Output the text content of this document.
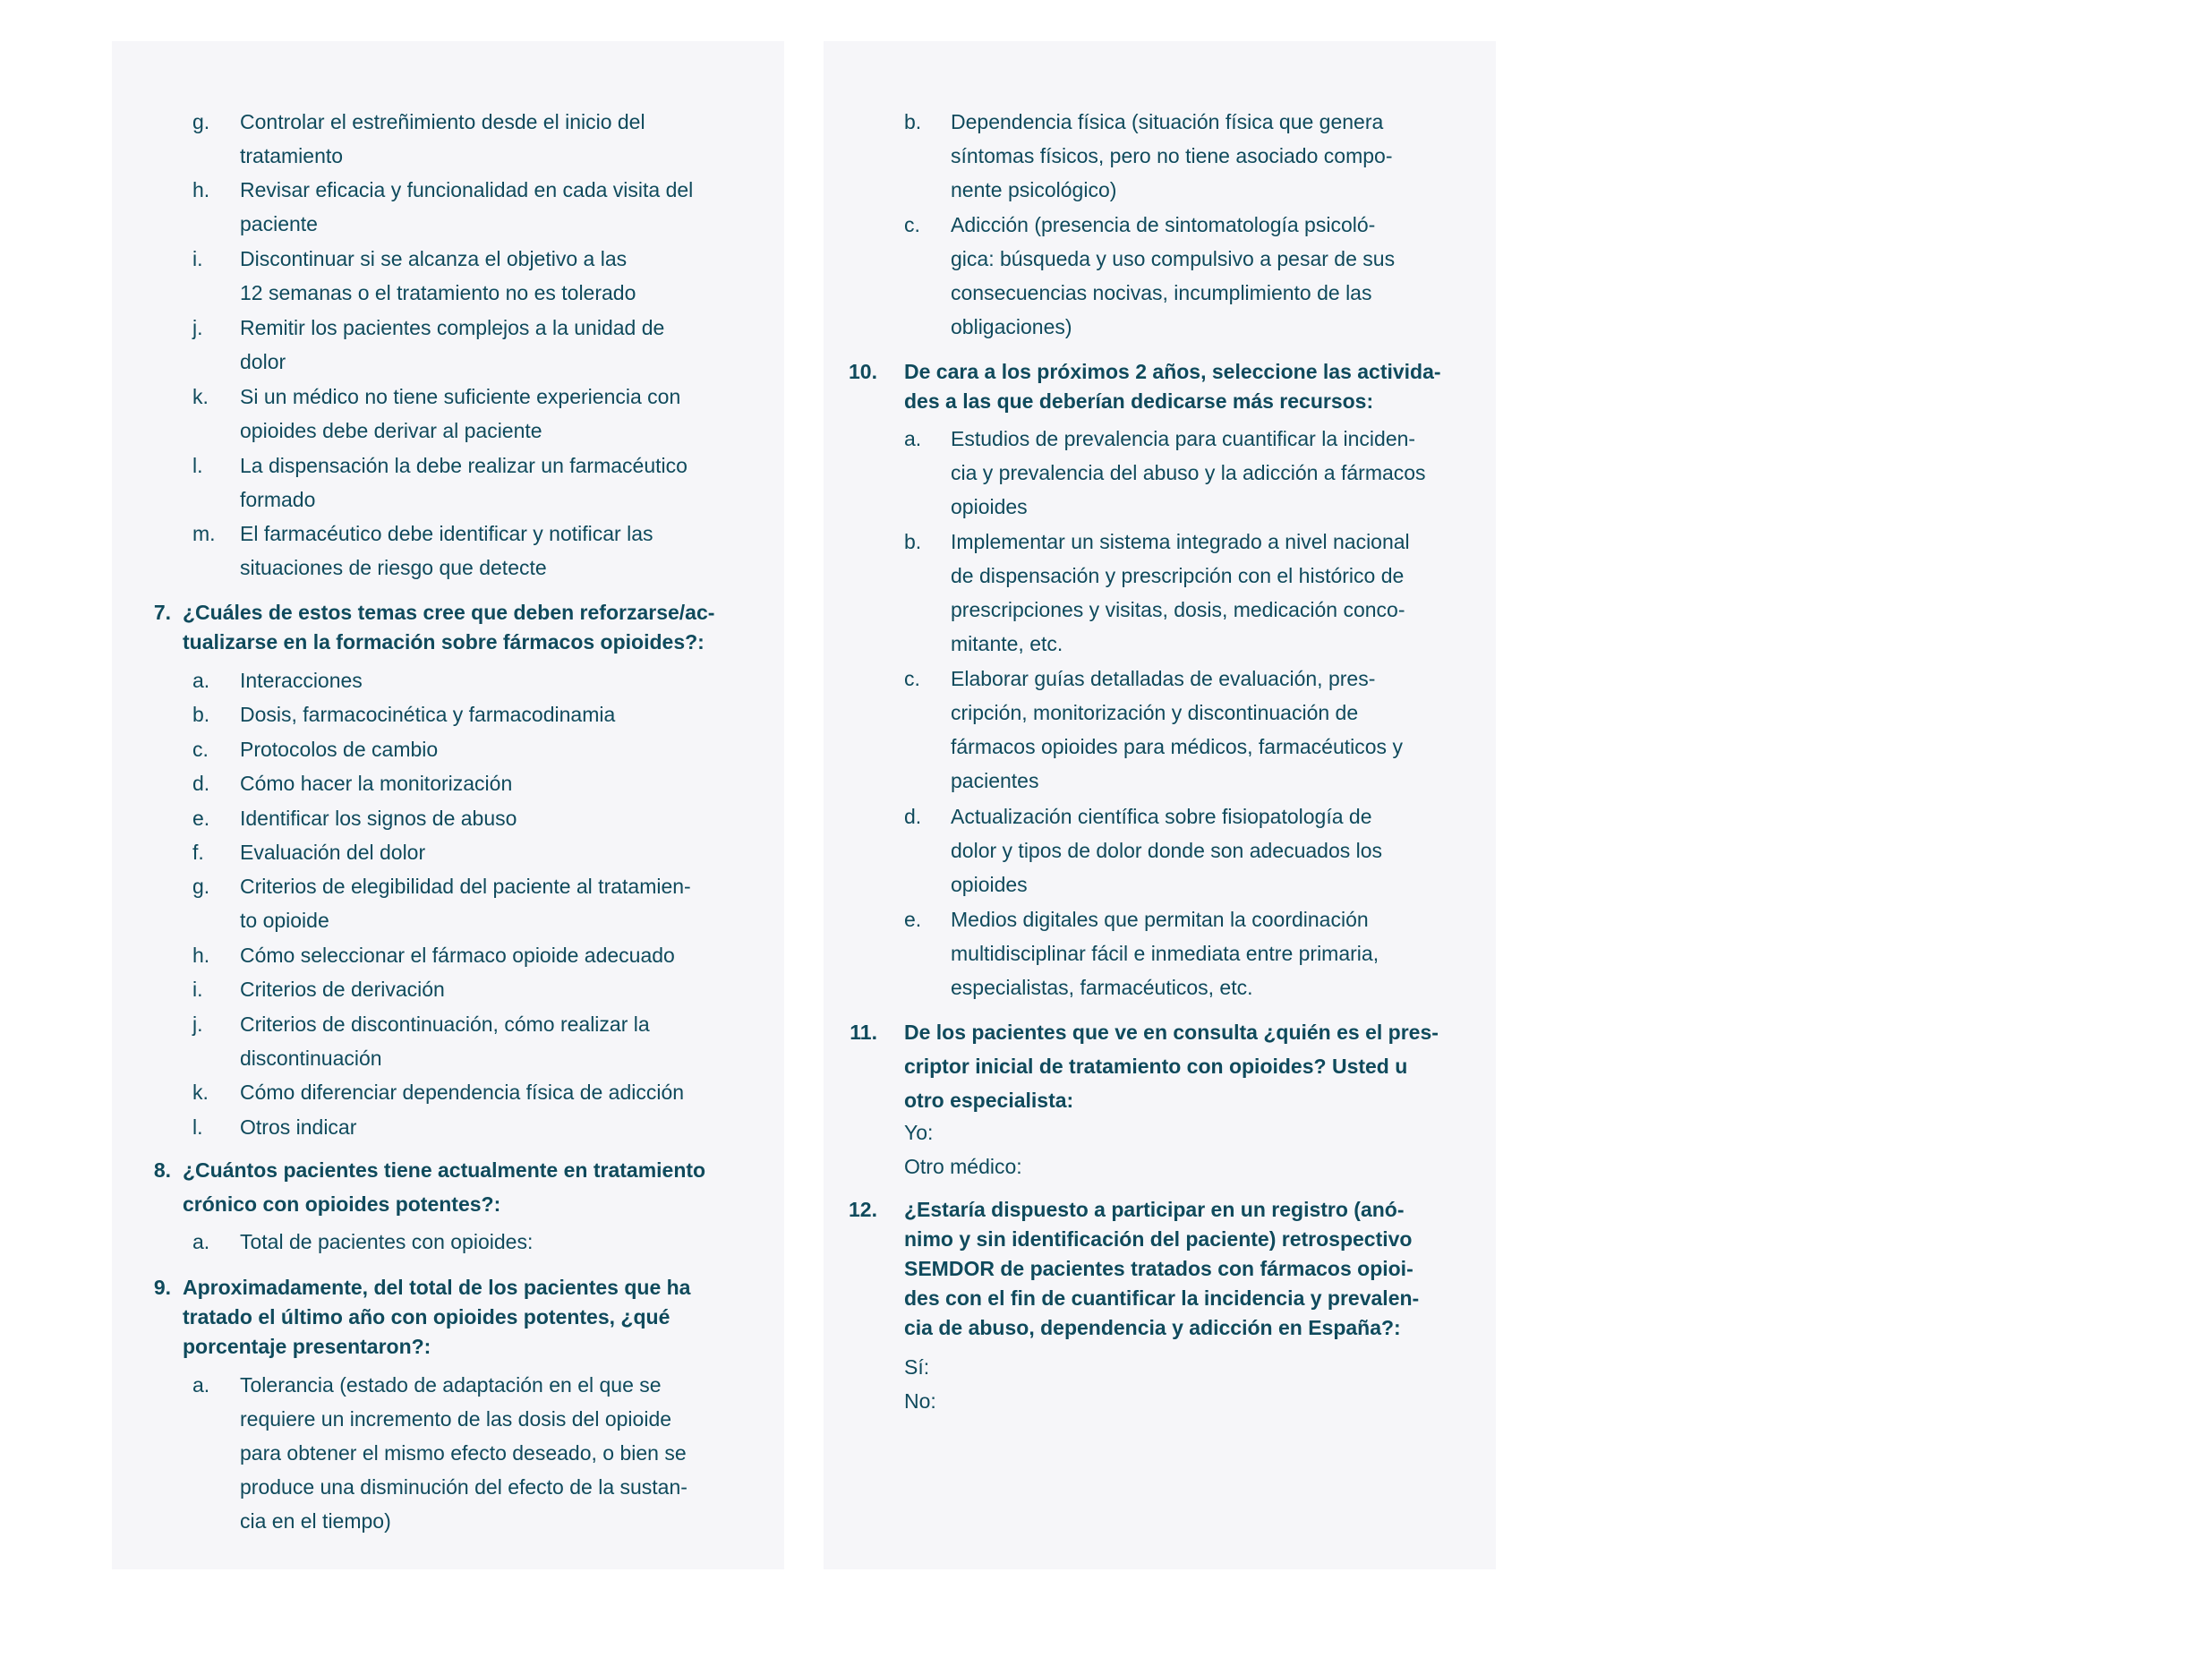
g. Controlar el estreñimiento desde el inicio del
tratamiento
h. Revisar eficacia y funcionalidad en cada visita del
paciente
i. Discontinuar si se alcanza el objetivo a las
12 semanas o el tratamiento no es tolerado
j. Remitir los pacientes complejos a la unidad de
dolor
k. Si un médico no tiene suficiente experiencia con
opioides debe derivar al paciente
l. La dispensación la debe realizar un farmacéutico
formado
m. El farmacéutico debe identificar y notificar las
situaciones de riesgo que detecte
7. ¿Cuáles de estos temas cree que deben reforzarse/ac-
tualizarse en la formación sobre fármacos opioides?:
a. Interacciones
b. Dosis, farmacocinética y farmacodinamia
c. Protocolos de cambio
d. Cómo hacer la monitorización
e. Identificar los signos de abuso
f. Evaluación del dolor
g. Criterios de elegibilidad del paciente al tratamien-
to opioide
h. Cómo seleccionar el fármaco opioide adecuado
i. Criterios de derivación
j. Criterios de discontinuación, cómo realizar la
discontinuación
k. Cómo diferenciar dependencia física de adicción
l. Otros indicar
8. ¿Cuántos pacientes tiene actualmente en tratamiento
crónico con opioides potentes?:
a. Total de pacientes con opioides:
9. Aproximadamente, del total de los pacientes que ha
tratado el último año con opioides potentes, ¿qué
porcentaje presentaron?:
a. Tolerancia (estado de adaptación en el que se
requiere un incremento de las dosis del opioide
para obtener el mismo efecto deseado, o bien se
produce una disminución del efecto de la sustan-
cia en el tiempo)
b. Dependencia física (situación física que genera
síntomas físicos, pero no tiene asociado compo-
nente psicológico)
c. Adicción (presencia de sintomatología psicoló-
gica: búsqueda y uso compulsivo a pesar de sus
consecuencias nocivas, incumplimiento de las
obligaciones)
10. De cara a los próximos 2 años, seleccione las activida-
des a las que deberían dedicarse más recursos:
a. Estudios de prevalencia para cuantificar la inciden-
cia y prevalencia del abuso y la adicción a fármacos
opioides
b. Implementar un sistema integrado a nivel nacional
de dispensación y prescripción con el histórico de
prescripciones y visitas, dosis, medicación conco-
mitante, etc.
c. Elaborar guías detalladas de evaluación, pres-
cripción, monitorización y discontinuación de
fármacos opioides para médicos, farmacéuticos y
pacientes
d. Actualización científica sobre fisiopatología de
dolor y tipos de dolor donde son adecuados los
opioides
e. Medios digitales que permitan la coordinación
multidisciplinar fácil e inmediata entre primaria,
especialistas, farmacéuticos, etc.
11. De los pacientes que ve en consulta ¿quién es el pres-
criptor inicial de tratamiento con opioides? Usted u
otro especialista:
Yo:
Otro médico:
12. ¿Estaría dispuesto a participar en un registro (anó-
nimo y sin identificación del paciente) retrospectivo
SEMDOR de pacientes tratados con fármacos opioi-
des con el fin de cuantificar la incidencia y prevalen-
cia de abuso, dependencia y adicción en España?:
Sí:
No:
